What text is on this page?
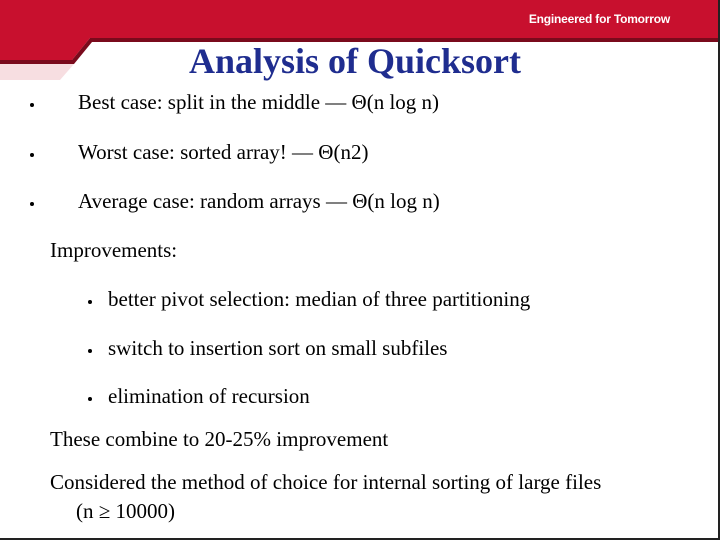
Engineered for Tomorrow
Analysis of Quicksort
Best case: split in the middle — Θ(n log n)
Worst case: sorted array! — Θ(n2)
Average case: random arrays — Θ(n log n)
Improvements:
better pivot selection: median of three partitioning
switch to insertion sort on small subfiles
elimination of recursion
These combine to 20-25% improvement
Considered the method of choice for internal sorting of large files
(n ≥ 10000)
